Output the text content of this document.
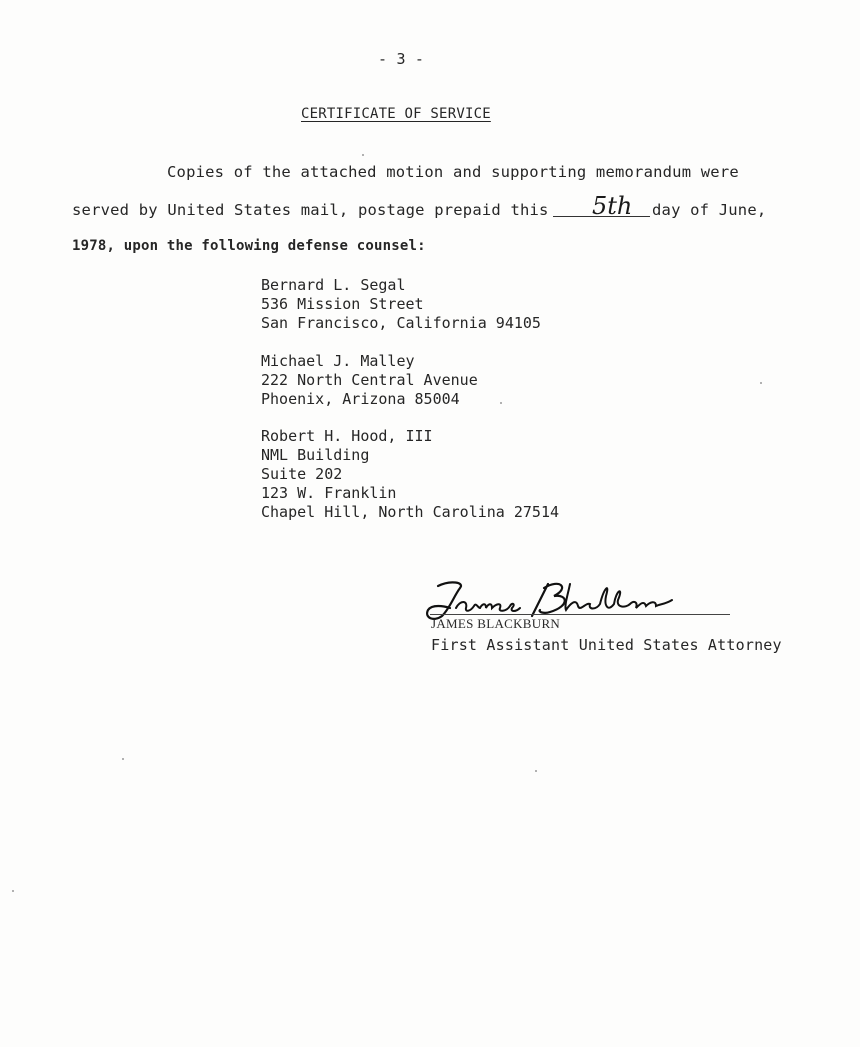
- 3 -
CERTIFICATE OF SERVICE
Copies of the attached motion and supporting memorandum were
served by United States mail, postage prepaid this 5th day of June,
1978, upon the following defense counsel:
Bernard L. Segal
536 Mission Street
San Francisco, California 94105
Michael J. Malley
222 North Central Avenue
Phoenix, Arizona 85004
Robert H. Hood, III
NML Building
Suite 202
123 W. Franklin
Chapel Hill, North Carolina 27514
JAMES BLACKBURN
First Assistant United States Attorney
